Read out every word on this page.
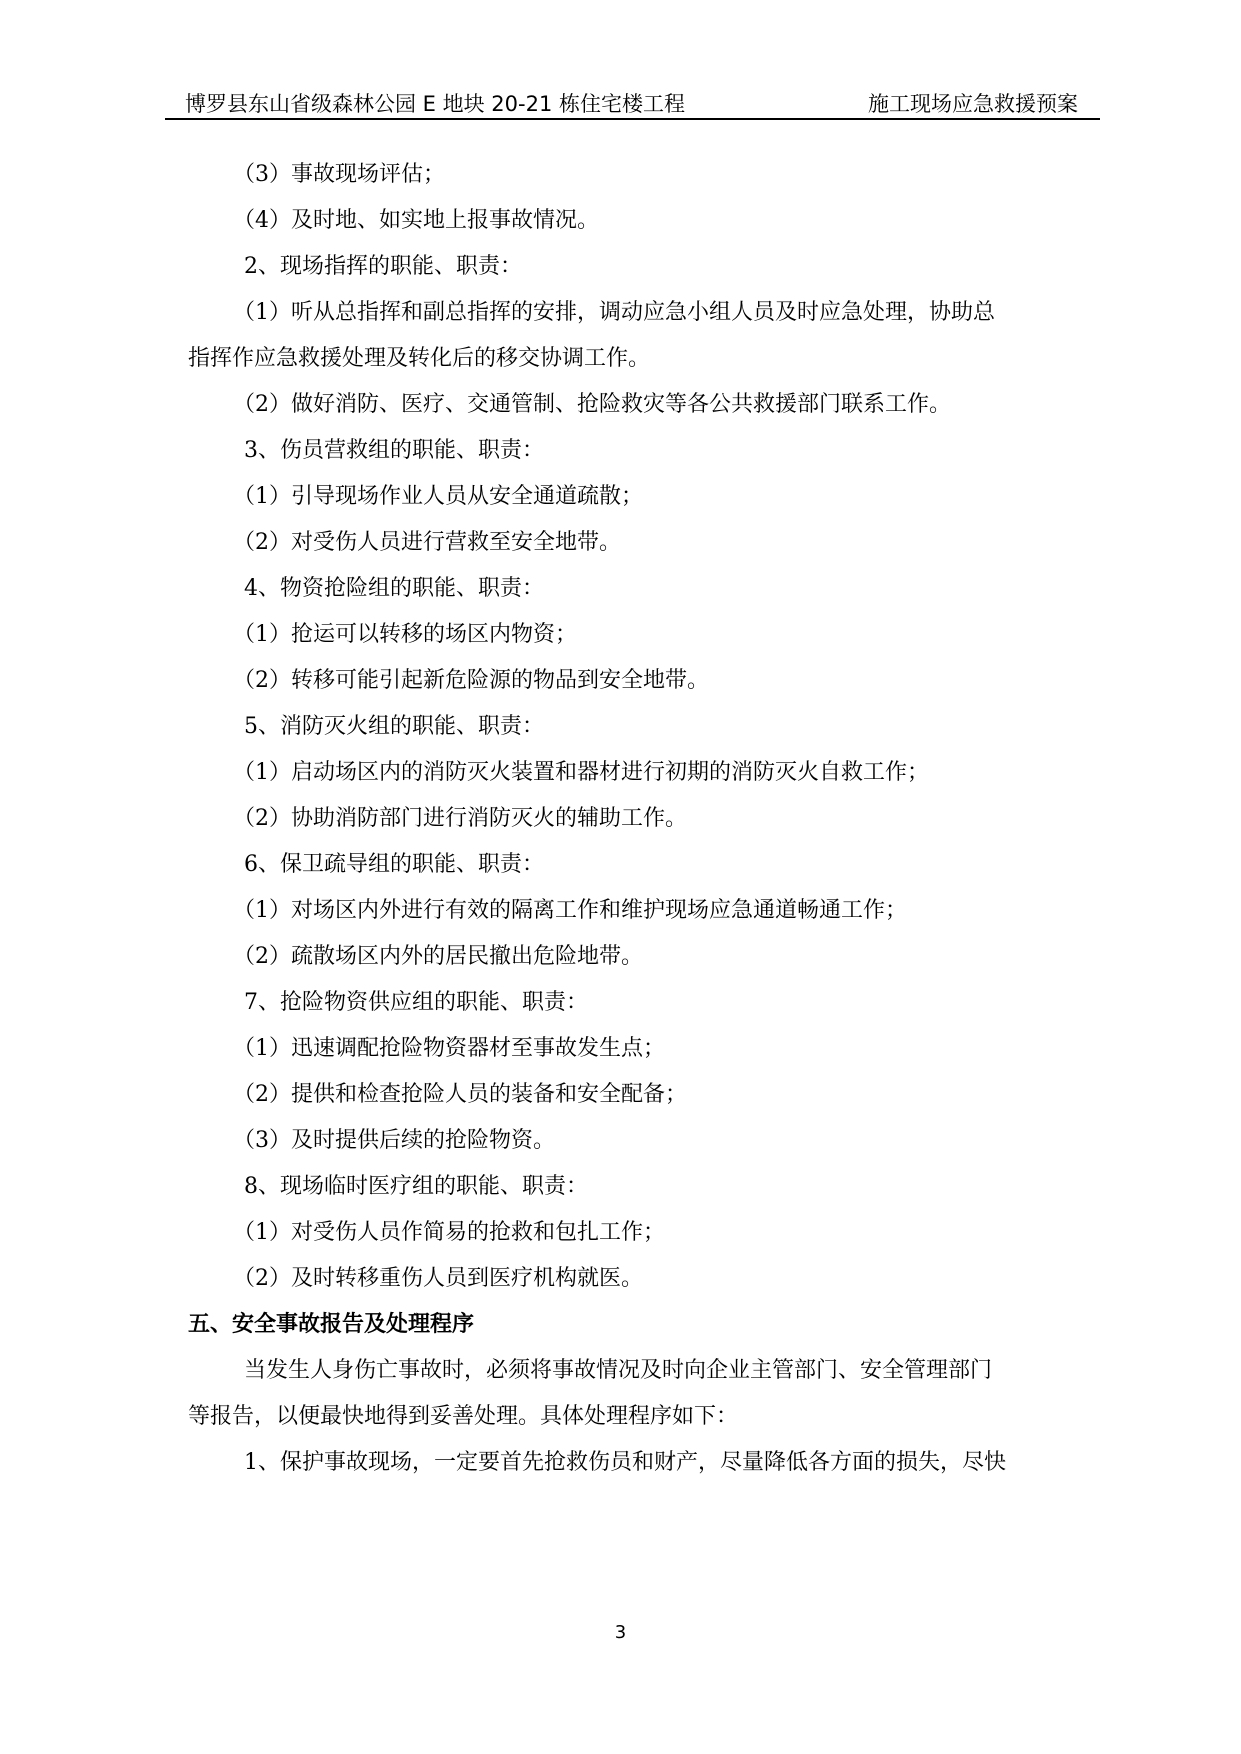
博罗县东山省级森林公园 E 地块 20-21 栋住宅楼工程	施工现场应急救援预案
（3）事故现场评估；
（4）及时地、如实地上报事故情况。
2、现场指挥的职能、职责：
（1）听从总指挥和副总指挥的安排，调动应急小组人员及时应急处理，协助总
指挥作应急救援处理及转化后的移交协调工作。
（2）做好消防、医疗、交通管制、抢险救灾等各公共救援部门联系工作。
3、伤员营救组的职能、职责：
（1）引导现场作业人员从安全通道疏散；
（2）对受伤人员进行营救至安全地带。
4、物资抢险组的职能、职责：
（1）抢运可以转移的场区内物资；
（2）转移可能引起新危险源的物品到安全地带。
5、消防灭火组的职能、职责：
（1）启动场区内的消防灭火装置和器材进行初期的消防灭火自救工作；
（2）协助消防部门进行消防灭火的辅助工作。
6、保卫疏导组的职能、职责：
（1）对场区内外进行有效的隔离工作和维护现场应急通道畅通工作；
（2）疏散场区内外的居民撤出危险地带。
7、抢险物资供应组的职能、职责：
（1）迅速调配抢险物资器材至事故发生点；
（2）提供和检查抢险人员的装备和安全配备；
（3）及时提供后续的抢险物资。
8、现场临时医疗组的职能、职责：
（1）对受伤人员作简易的抢救和包扎工作；
（2）及时转移重伤人员到医疗机构就医。
五、安全事故报告及处理程序
当发生人身伤亡事故时，必须将事故情况及时向企业主管部门、安全管理部门
等报告，以便最快地得到妥善处理。具体处理程序如下：
1、保护事故现场，一定要首先抢救伤员和财产，尽量降低各方面的损失，尽快
3
